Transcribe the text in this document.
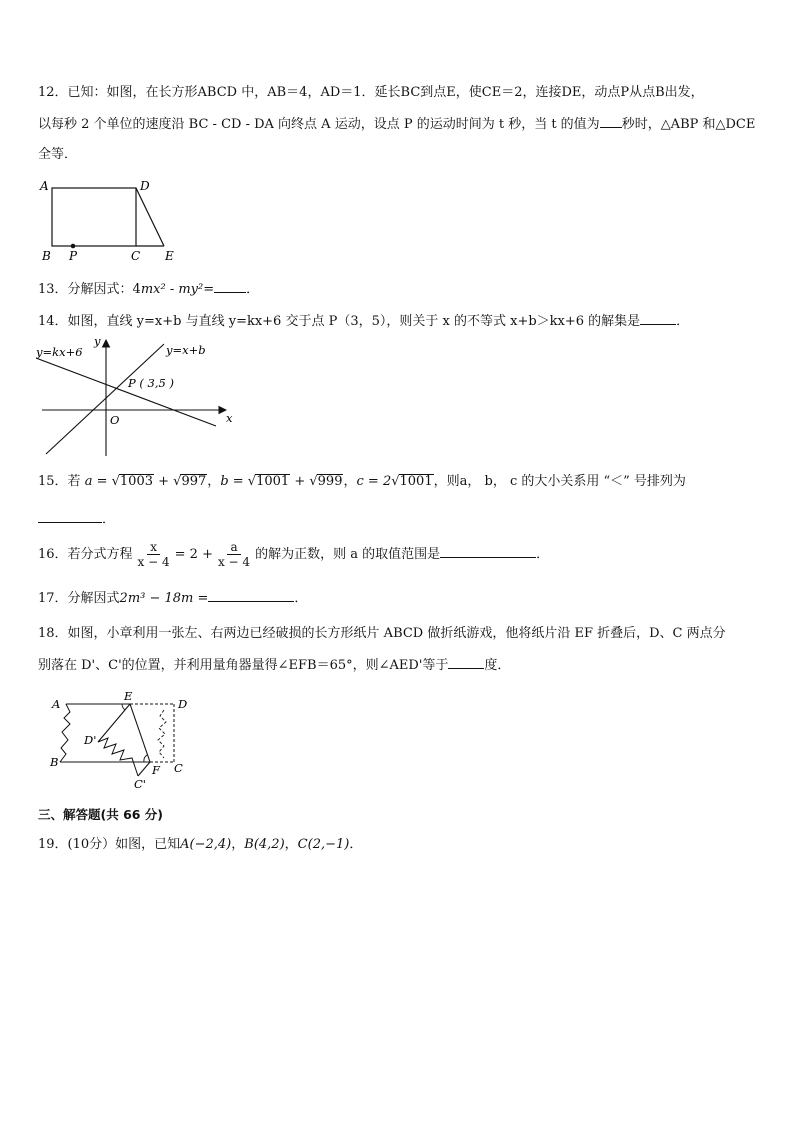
12．已知：如图，在长方形ABCD 中，AB＝4，AD＝1．延长BC到点E，使CE＝2，连接DE，动点P从点B出发，
以每秒 2 个单位的速度沿 BC - CD - DA 向终点 A 运动，设点 P 的运动时间为 t 秒，当 t 的值为 秒时，△ABP 和△DCE
全等．
A	D
B P	C E
13．分解因式：4mx² - my²= ．
14．如图，直线 y=x+b 与直线 y=kx+6 交于点 P（3，5），则关于 x 的不等式 x+b＞kx+6 的解集是	．
y=kx+6	y=x+b
P ( 3,5 )
O	x
y
15．若 a = √1003 + √997，b = √1001 + √999，c = 2√1001，则a， b， c 的大小关系用 “＜” 号排列为
．
16．若分式方程 $\frac{x}{x - 4} = 2 + \frac{a}{x - 4}$ 的解为正数，则 a 的取值范围是	．
17．分解因式2m³ − 18m =	．
18．如图，小章利用一张左、右两边已经破损的长方形纸片 ABCD 做折纸游戏，他将纸片沿 EF 折叠后，D、C 两点分
别落在 D'、C'的位置，并利用量角器量得∠EFB＝65°，则∠AED'等于	度．
A
E
D
D'
B
F C
C'
三、解答题(共 66 分)
19．(10分）如图，已知A(−2,4)，B(4,2)，C(2,−1)．
